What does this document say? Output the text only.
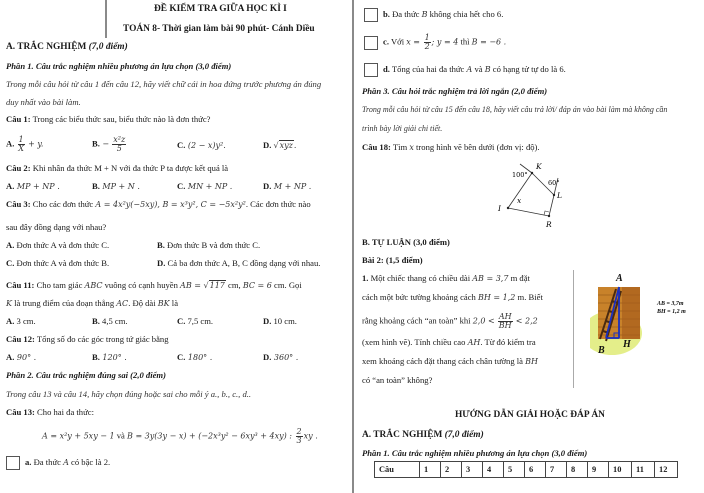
ĐỀ KIỂM TRA GIỮA HỌC KÌ I
TOÁN 8- Thời gian làm bài 90 phút- Cánh Diều
A. TRẮC NGHIỆM (7,0 điểm)
Phần 1. Câu trắc nghiệm nhiều phương án lựa chọn (3,0 điểm)
Trong mỗi câu hỏi từ câu 1 đến câu 12, hãy viết chữ cái in hoa đứng trước phương án đúng
duy nhất vào bài làm.
Câu 1: Trong các biểu thức sau, biểu thức nào là đơn thức?
A. $\frac{1}{X} + y$.	B. − $\frac{\text{x²z}}{5}$	C. (2 − x)y².	D. √xyz.
Câu 2: Khi nhân đa thức M + N với đa thức P ta được kết quả là
A. MP + NP .	B. MP + N .	C. MN + NP .	D. M + NP .
Câu 3: Cho các đơn thức A = 4x²y(−5xy), B = x³y², C = −5x²y². Các đơn thức nào
sau đây đồng dạng với nhau?
A. Đơn thức A và đơn thức C.	B. Đơn thức B và đơn thức C.
C. Đơn thức A và đơn thức B.	D. Cả ba đơn thức A, B, C đồng dạng với nhau.
Câu 11: Cho tam giác ABC vuông có cạnh huyền AB = √117 cm, BC = 6 cm. Gọi
K là trung điểm của đoạn thẳng AC. Độ dài BK là
A. 3 cm.	B. 4,5 cm.	C. 7,5 cm.	D. 10 cm.
Câu 12: Tổng số đo các góc trong tứ giác bằng
A. 90° .	B. 120° .	C. 180° .	D. 360° .
Phần 2. Câu trắc nghiệm đúng sai (2,0 điểm)
Trong câu 13 và câu 14, hãy chọn đúng hoặc sai cho mỗi ý a., b., c., d..
Câu 13: Cho hai đa thức:
A = x²y + 5xy − 1 và B = 3y(3y − x) + (−2x³y² − 6xy³ + 4xy) : $\frac{2}{3}$ xy .
a. Đa thức A có bậc là 2.
b. Đa thức B không chia hết cho 6.
c. Với $x = \frac{1}{2}$ ; y = 4 thì B = −6 .
d. Tổng của hai đa thức A và B có hạng tử tự do là 6.
Phần 3. Câu hỏi trắc nghiệm trả lời ngắn (2,0 điểm)
Trong mỗi câu hỏi từ câu 15 đến câu 18, hãy viết câu trả lời/ đáp án vào bài làm mà không cần
trình bày lời giải chi tiết.
Câu 18: Tìm x trong hình vẽ bên dưới (đơn vị: độ).
K
L
I
R
100°
60°
x
B. TỰ LUẬN (3,0 điểm)
Bài 2: (1,5 điểm)
1. Một chiếc thang có chiều dài AB = 3,7 m đặt
cách một bức tường khoảng cách BH = 1,2 m. Biết
rằng khoảng cách “an toàn” khi $2,0 < \frac{AH}{BH} < 2,2$
(xem hình vẽ). Tính chiều cao AH. Từ đó kiểm tra
xem khoảng cách đặt thang cách chân tường là BH
có “an toàn” không?
A
B
H
AB = 3,7m
BH = 1,2 m
HƯỚNG DẪN GIẢI HOẶC ĐÁP ÁN
A. TRẮC NGHIỆM (7,0 điểm)
Phần 1. Câu trắc nghiệm nhiều phương án lựa chọn (3,0 điểm)
Câu	1	2	3	4	5	6	7	8	9	10	11	12
